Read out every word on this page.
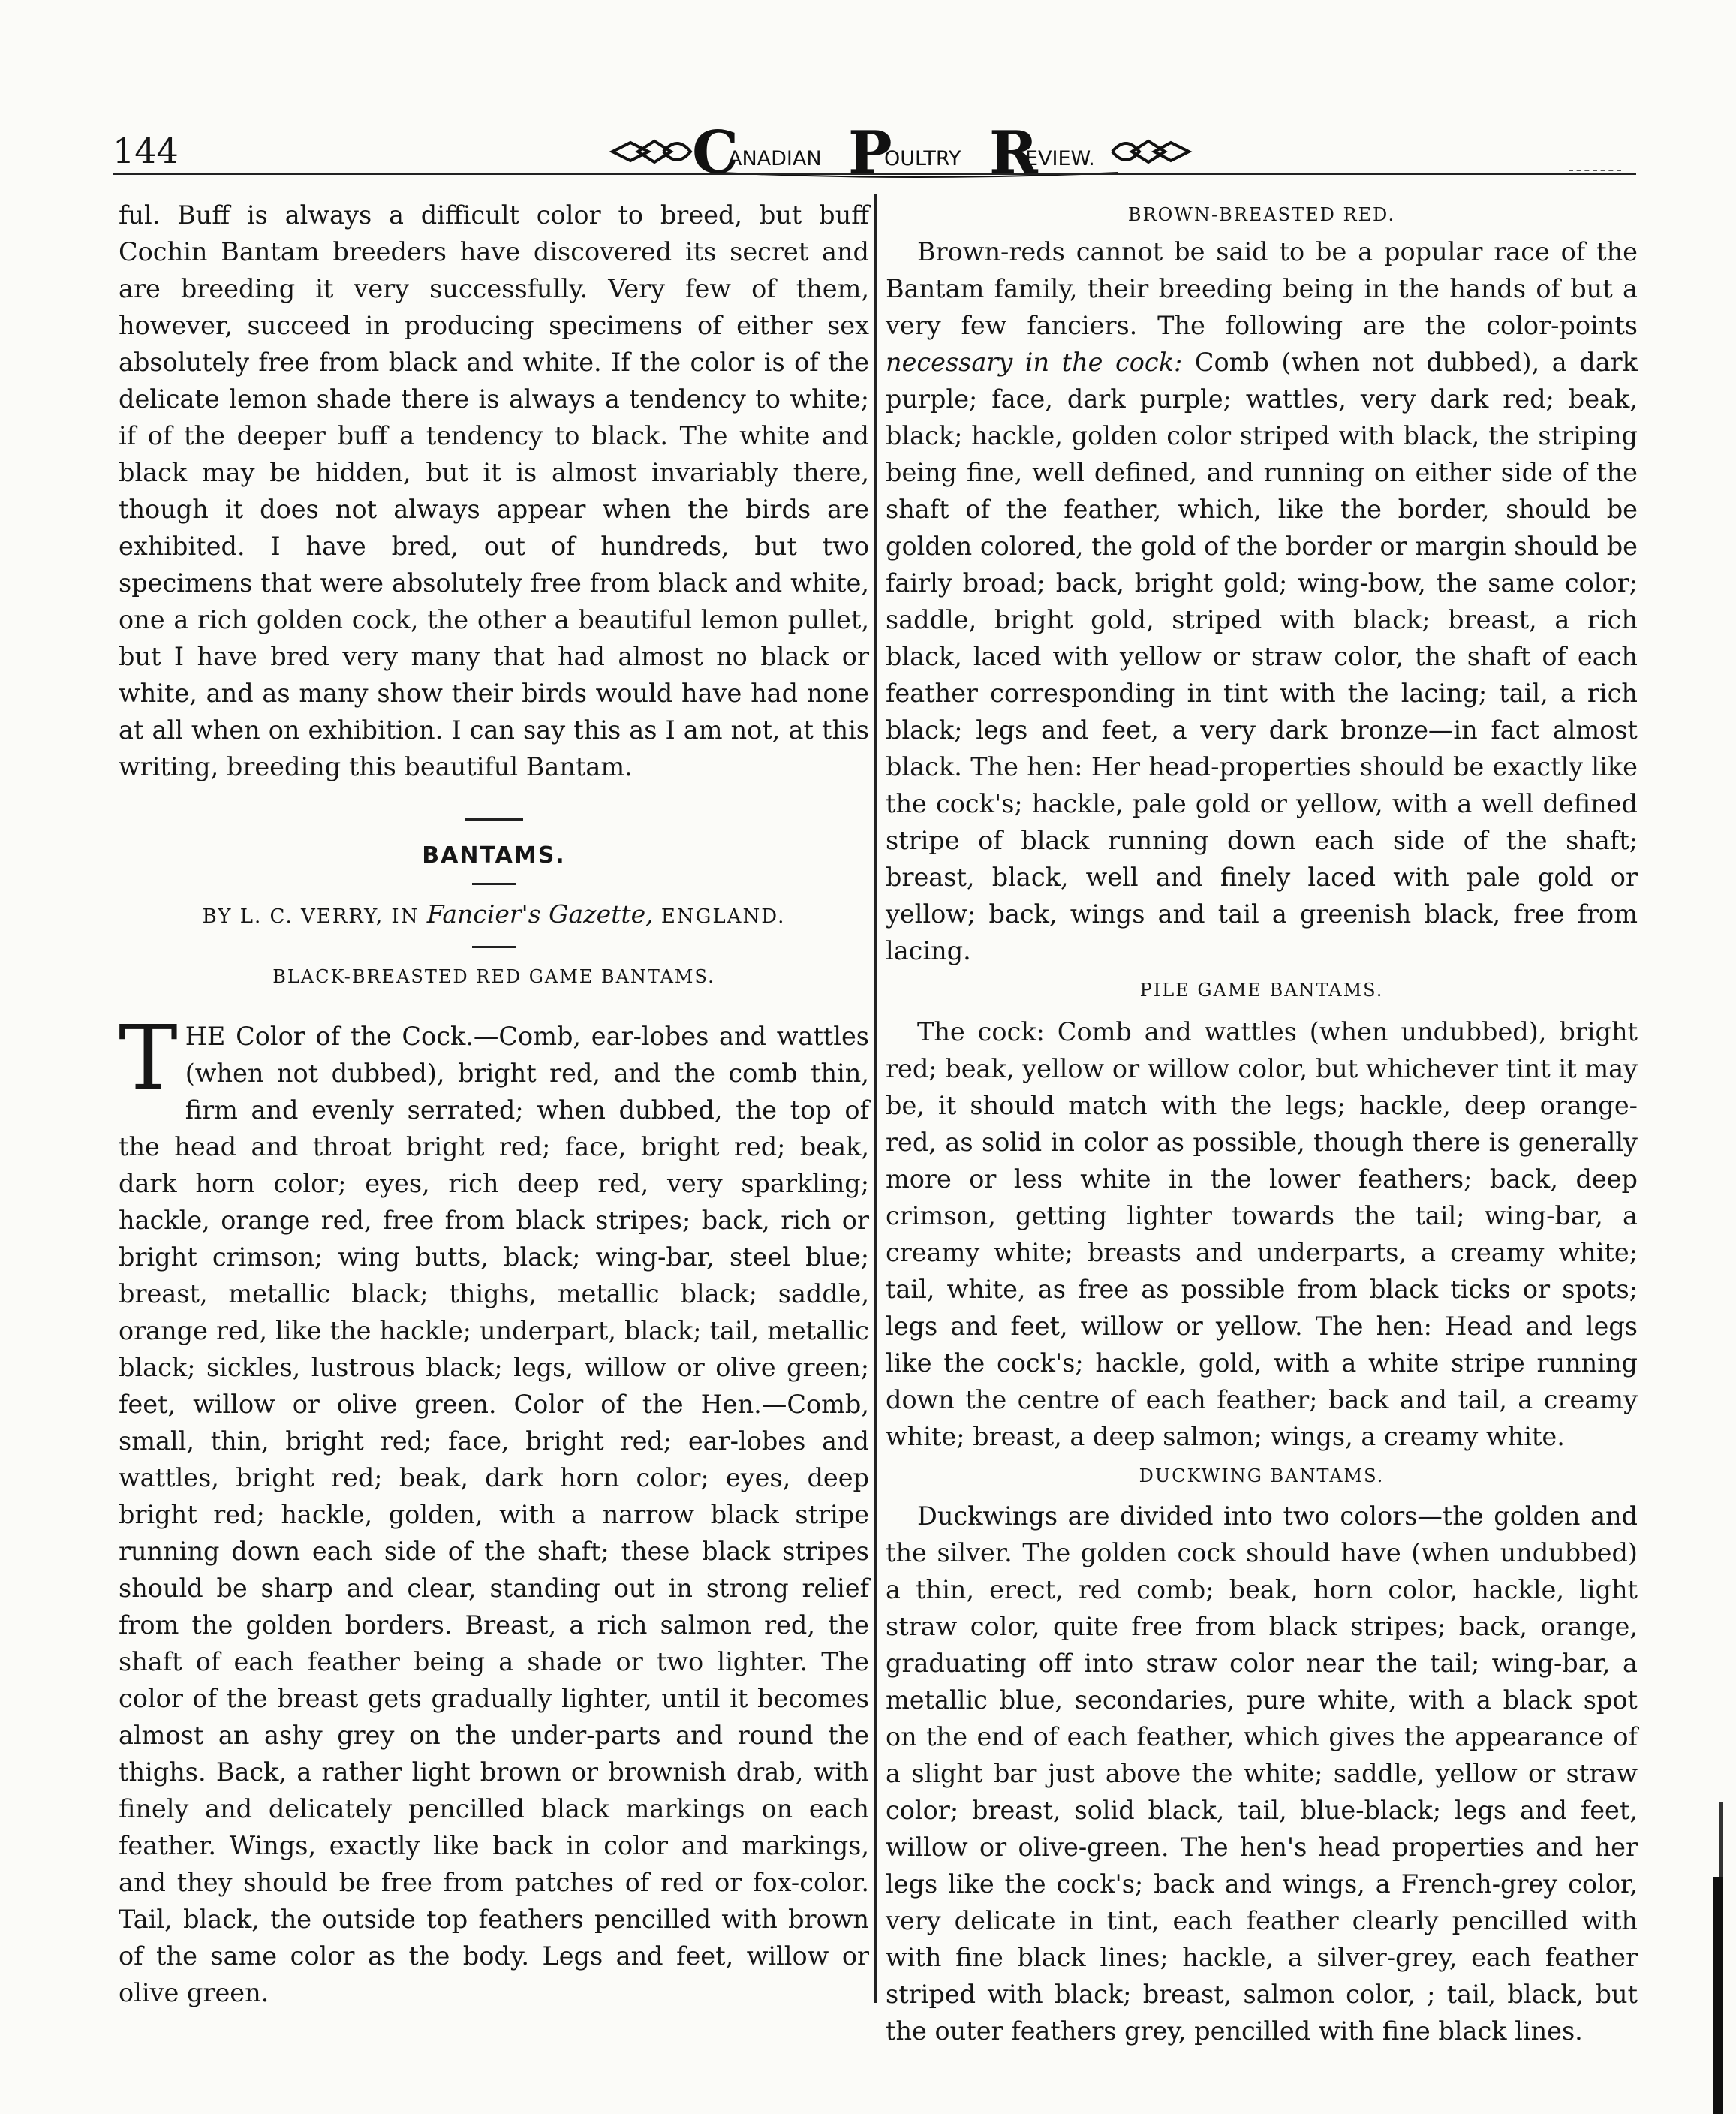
144	C
ANADIAN P
OULTRY R
EVIEW.

ful. Buff is always a difficult color to breed, but buff Cochin Bantam breeders have discovered its secret and are breeding it very successfully. Very few of them, however, succeed in producing specimens of either sex absolutely free from black and white. If the color is of the delicate lemon shade there is always a tendency to white; if of the deeper buff a tendency to black. The white and black may be hidden, but it is almost invariably there, though it does not always appear when the birds are exhibited. I have bred, out of hundreds, but two specimens that were absolutely free from black and white, one a rich golden cock, the other a beautiful lemon pullet, but I have bred very many that had almost no black or white, and as many show their birds would have had none at all when on exhibition. I can say this as I am not, at this writing, breeding this beautiful Bantam.

BANTAMS.

BY L. C. VERRY, IN Fancier's Gazette, ENGLAND.

BLACK-BREASTED RED GAME BANTAMS.

T HE Color of the Cock.—Comb, ear-lobes and wattles (when not dubbed), bright red, and the comb thin, firm and evenly serrated; when dubbed, the top of the head and throat bright red; face, bright red; beak, dark horn color; eyes, rich deep red, very sparkling; hackle, orange red, free from black stripes; back, rich or bright crimson; wing butts, black; wing-bar, steel blue; breast, metallic black; thighs, metallic black; saddle, orange red, like the hackle; underpart, black; tail, metallic black; sickles, lustrous black; legs, willow or olive green; feet, willow or olive green. Color of the Hen.—Comb, small, thin, bright red; face, bright red; ear-lobes and wattles, bright red; beak, dark horn color; eyes, deep bright red; hackle, golden, with a narrow black stripe running down each side of the shaft; these black stripes should be sharp and clear, standing out in strong relief from the golden borders. Breast, a rich salmon red, the shaft of each feather being a shade or two lighter. The color of the breast gets gradually lighter, until it becomes almost an ashy grey on the under-parts and round the thighs. Back, a rather light brown or brownish drab, with finely and delicately pencilled black markings on each feather. Wings, exactly like back in color and markings, and they should be free from patches of red or fox-color. Tail, black, the outside top feathers pencilled with brown of the same color as the body. Legs and feet, willow or olive green.

BROWN-BREASTED RED.

Brown-reds cannot be said to be a popular race of the Bantam family, their breeding being in the hands of but a very few fanciers. The following are the color-points necessary in the cock: Comb (when not dubbed), a dark purple; face, dark purple; wattles, very dark red; beak, black; hackle, golden color striped with black, the striping being fine, well defined, and running on either side of the shaft of the feather, which, like the border, should be golden colored, the gold of the border or margin should be fairly broad; back, bright gold; wing-bow, the same color; saddle, bright gold, striped with black; breast, a rich black, laced with yellow or straw color, the shaft of each feather corresponding in tint with the lacing; tail, a rich black; legs and feet, a very dark bronze—in fact almost black. The hen: Her head-properties should be exactly like the cock's; hackle, pale gold or yellow, with a well defined stripe of black running down each side of the shaft; breast, black, well and finely laced with pale gold or yellow; back, wings and tail a greenish black, free from lacing.

PILE GAME BANTAMS.

The cock: Comb and wattles (when undubbed), bright red; beak, yellow or willow color, but whichever tint it may be, it should match with the legs; hackle, deep orange-red, as solid in color as possible, though there is generally more or less white in the lower feathers; back, deep crimson, getting lighter towards the tail; wing-bar, a creamy white; breasts and underparts, a creamy white; tail, white, as free as possible from black ticks or spots; legs and feet, willow or yellow. The hen: Head and legs like the cock's; hackle, gold, with a white stripe running down the centre of each feather; back and tail, a creamy white; breast, a deep salmon; wings, a creamy white.

DUCKWING BANTAMS.

Duckwings are divided into two colors—the golden and the silver. The golden cock should have (when undubbed) a thin, erect, red comb; beak, horn color, hackle, light straw color, quite free from black stripes; back, orange, graduating off into straw color near the tail; wing-bar, a metallic blue, secondaries, pure white, with a black spot on the end of each feather, which gives the appearance of a slight bar just above the white; saddle, yellow or straw color; breast, solid black, tail, blue-black; legs and feet, willow or olive-green. The hen's head properties and her legs like the cock's; back and wings, a French-grey color, very delicate in tint, each feather clearly pencilled with with fine black lines; hackle, a silver-grey, each feather striped with black; breast, salmon color, ; tail, black, but the outer feathers grey, pencilled with fine black lines.
